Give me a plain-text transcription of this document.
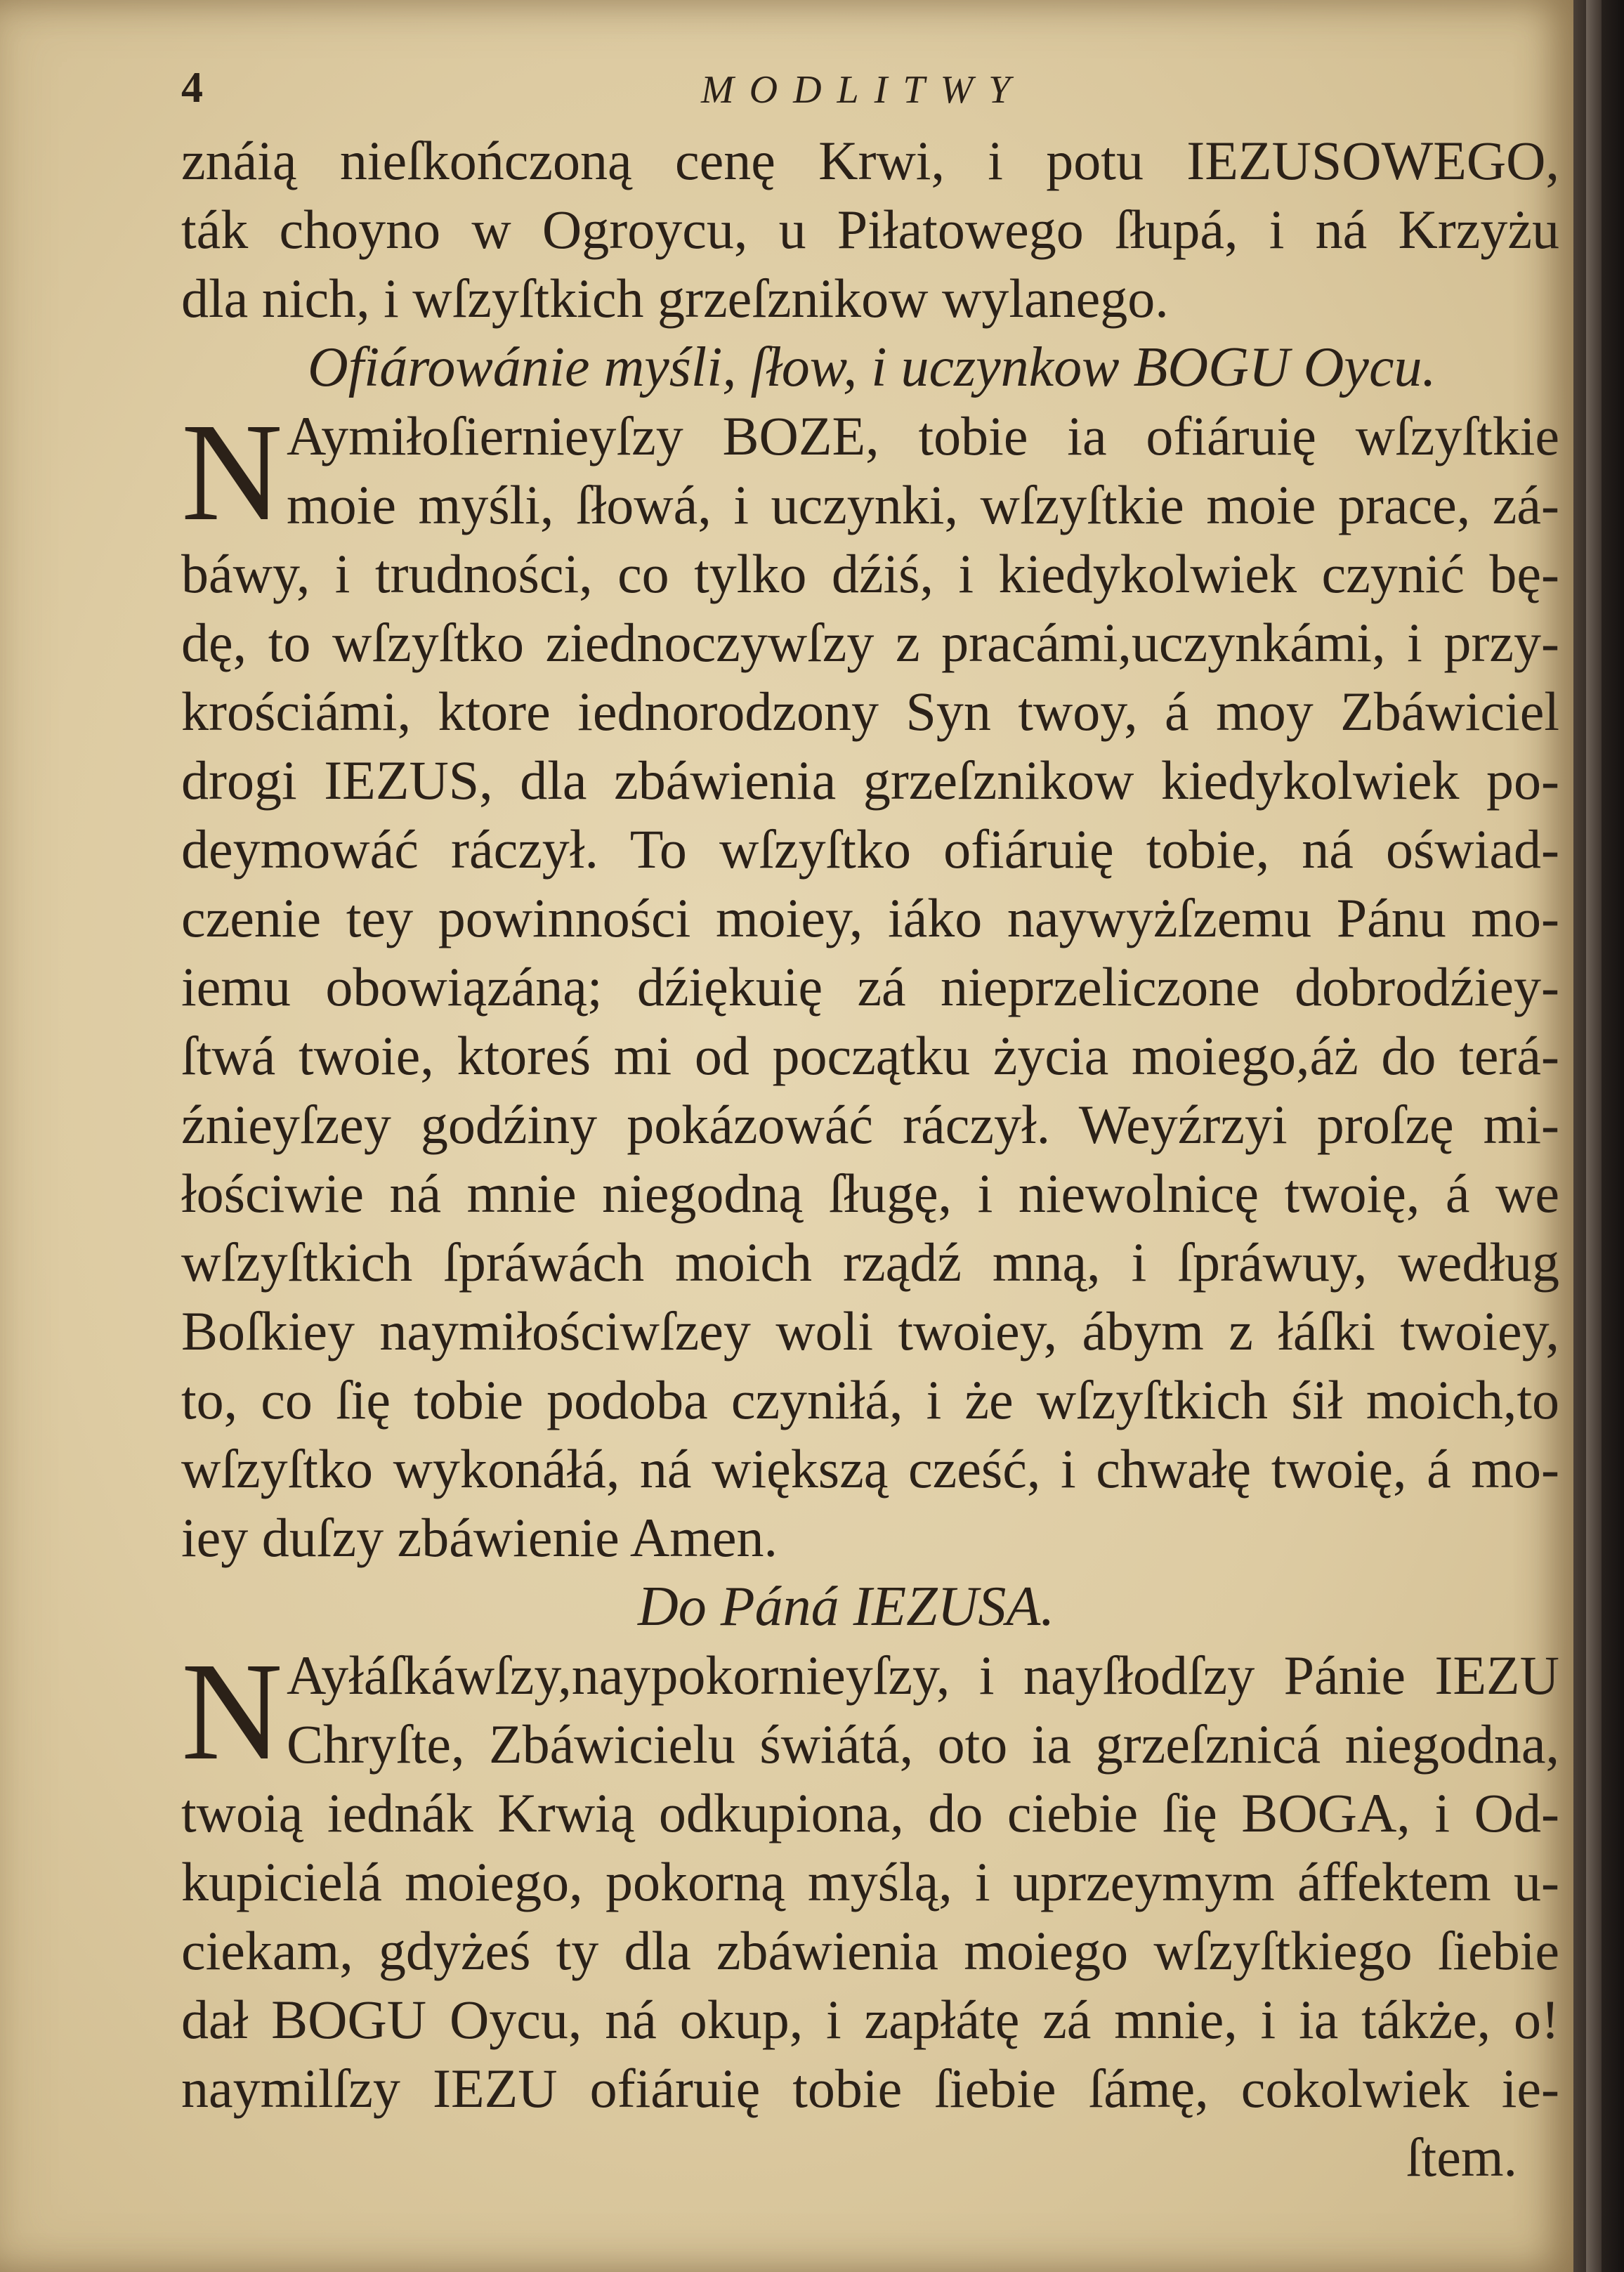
4	MODLITWY
znáią nieſkończoną cenę Krwi, i potu IEZUSOWEGO,
ták choyno w Ogroycu, u Piłatowego ſłupá, i ná Krzyżu
dla nich, i wſzyſtkich grzeſznikow wylanego.
Ofiárowánie myśli, ſłow, i uczynkow BOGU Oycu.
N Aymiłoſiernieyſzy BOZE, tobie ia ofiáruię wſzyſtkie
moie myśli, ſłowá, i uczynki, wſzyſtkie moie prace, zá-
báwy, i trudności, co tylko dźiś, i kiedykolwiek czynić bę-
dę, to wſzyſtko ziednoczywſzy z pracámi,uczynkámi, i przy-
krościámi, ktore iednorodzony Syn twoy, á moy Zbáwiciel
drogi IEZUS, dla zbáwienia grzeſznikow kiedykolwiek po-
deymowáć ráczył. To wſzyſtko ofiáruię tobie, ná oświad-
czenie tey powinności moiey, iáko naywyżſzemu Pánu mo-
iemu obowiązáną; dźiękuię zá nieprzeliczone dobrodźiey-
ſtwá twoie, ktoreś mi od początku życia moiego,áż do terá-
źnieyſzey godźiny pokázowáć ráczył. Weyźrzyi proſzę mi-
łościwie ná mnie niegodną ſługę, i niewolnicę twoię, á we
wſzyſtkich ſpráwách moich rządź mną, i ſpráwuy, według
Boſkiey naymiłościwſzey woli twoiey, ábym z łáſki twoiey,
to, co ſię tobie podoba czyniłá, i że wſzyſtkich śił moich,to
wſzyſtko wykonáłá, ná większą cześć, i chwałę twoię, á mo-
iey duſzy zbáwienie Amen.
Do Páná IEZUSA.
N Ayłáſkáwſzy,naypokornieyſzy, i nayſłodſzy Pánie IEZU
Chryſte, Zbáwicielu świátá, oto ia grzeſznicá niegodna,
twoią iednák Krwią odkupiona, do ciebie ſię BOGA, i Od-
kupicielá moiego, pokorną myślą, i uprzeymym áffektem u-
ciekam, gdyżeś ty dla zbáwienia moiego wſzyſtkiego ſiebie
dał BOGU Oycu, ná okup, i zapłátę zá mnie, i ia tákże, o!
naymilſzy IEZU ofiáruię tobie ſiebie ſámę, cokolwiek ie-
ſtem.
